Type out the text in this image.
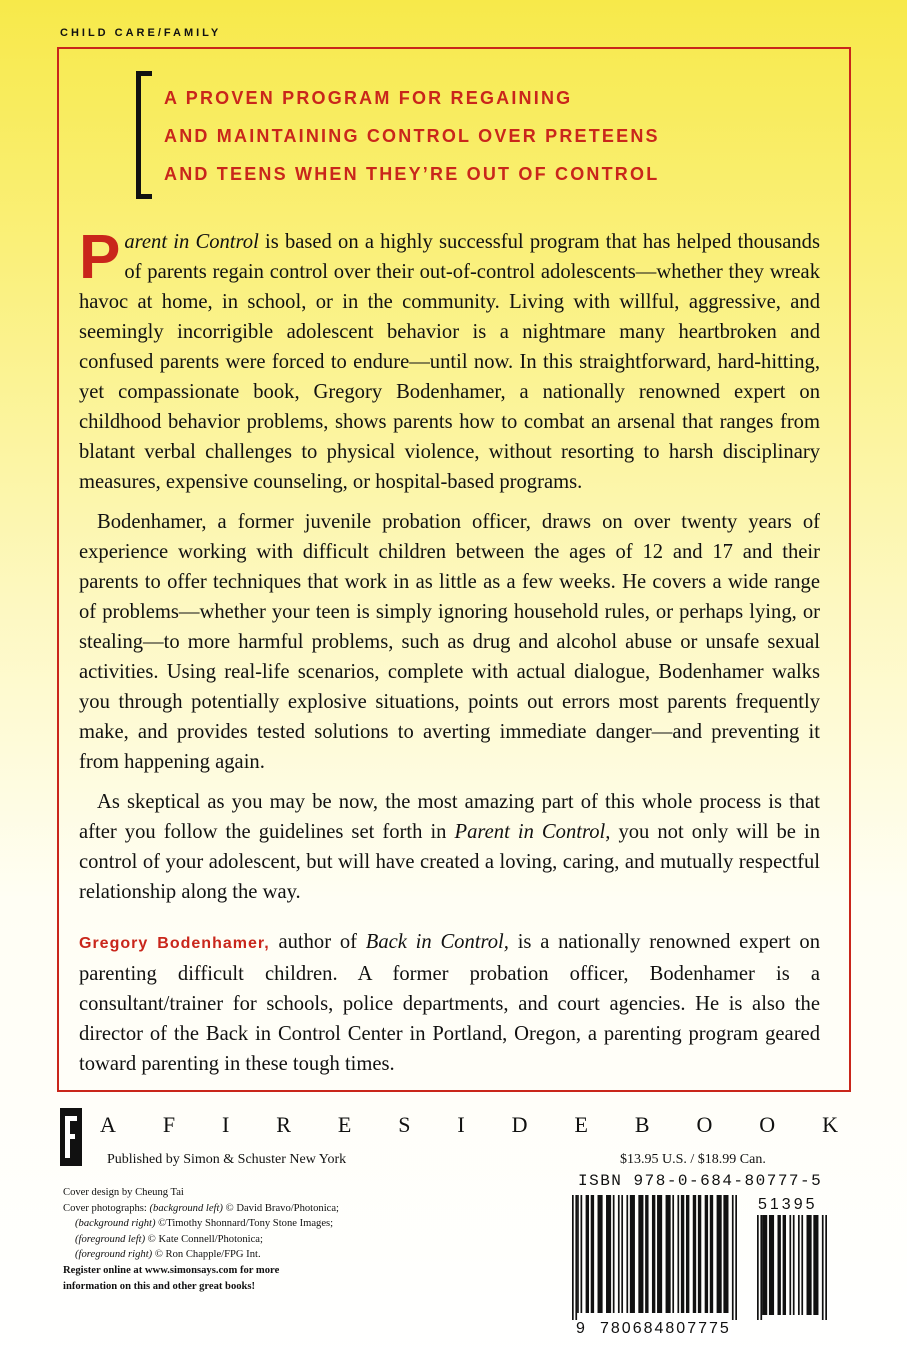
CHILD CARE/FAMILY
A PROVEN PROGRAM FOR REGAINING
AND MAINTAINING CONTROL OVER PRETEENS
AND TEENS WHEN THEY’RE OUT OF CONTROL

Parent in Control is based on a highly successful program that has helped thousands of parents regain control over their out-of-control adolescents—whether they wreak havoc at home, in school, or in the community. Living with willful, aggressive, and seemingly incorrigible adolescent behavior is a nightmare many heartbroken and confused parents were forced to endure—until now. In this straightforward, hard-hitting, yet compassionate book, Gregory Bodenhamer, a nationally renowned expert on childhood behavior problems, shows parents how to combat an arsenal that ranges from blatant verbal challenges to physical violence, without resorting to harsh disciplinary measures, expensive counseling, or hospital-based programs.

Bodenhamer, a former juvenile probation officer, draws on over twenty years of experience working with difficult children between the ages of 12 and 17 and their parents to offer techniques that work in as little as a few weeks. He covers a wide range of problems—whether your teen is simply ignoring household rules, or perhaps lying, or stealing—to more harmful problems, such as drug and alcohol abuse or unsafe sexual activities. Using real-life scenarios, complete with actual dialogue, Bodenhamer walks you through potentially explosive situations, points out errors most parents frequently make, and provides tested solutions to averting immediate danger—and preventing it from happening again.

As skeptical as you may be now, the most amazing part of this whole process is that after you follow the guidelines set forth in Parent in Control, you not only will be in control of your adolescent, but will have created a loving, caring, and mutually respectful relationship along the way.

Gregory Bodenhamer, author of Back in Control, is a nationally renowned expert on parenting difficult children. A former probation officer, Bodenhamer is a consultant/trainer for schools, police departments, and court agencies. He is also the director of the Back in Control Center in Portland, Oregon, a parenting program geared toward parenting in these tough times.
A F I R E S I D E B O O K
Published by Simon & Schuster New York
Cover design by Cheung Tai
Cover photographs: (background left) © David Bravo/Photonica;
(background right) ©Timothy Shonnard/Tony Stone Images;
(foreground left) © Kate Connell/Photonica;
(foreground right) © Ron Chapple/FPG Int.
Register online at www.simonsays.com for more
information on this and other great books!
$13.95 U.S. / $18.99 Can.
ISBN 978-0-684-80777-5
9 780684807775
51395
